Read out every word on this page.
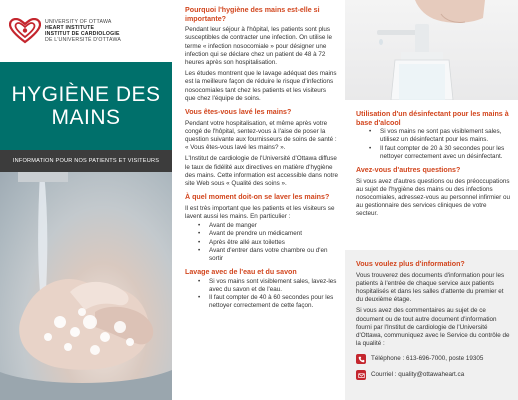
UNIVERSITY OF OTTAWA
HEART INSTITUTE
INSTITUT DE CARDIOLOGIE
DE L'UNIVERSITÉ D'OTTAWA
HYGIÈNE DES
MAINS
INFORMATION POUR NOS PATIENTS ET VISITEURS
Pourquoi l'hygiène des mains est-elle si importante?

Pendant leur séjour à l'hôpital, les patients sont plus susceptibles de contracter une infection. On utilise le terme « infection nosocomiale » pour désigner une infection qui se déclare chez un patient de 48 à 72 heures après son hospitalisation.

Les études montrent que le lavage adéquat des mains est la meilleure façon de réduire le risque d'infections nosocomiales tant chez les patients et les visiteurs que chez l'équipe de soins.

Vous êtes-vous lavé les mains?

Pendant votre hospitalisation, et même après votre congé de l'hôpital, sentez-vous à l'aise de poser la question suivante aux fournisseurs de soins de santé : « Vous êtes-vous lavé les mains? ».

L'Institut de cardiologie de l'Université d'Ottawa diffuse le taux de fidélité aux directives en matière d'hygiène des mains. Cette information est accessible dans notre site Web sous « Qualité des soins ».

À quel moment doit-on se laver les mains?

Il est très important que les patients et les visiteurs se lavent aussi les mains. En particulier :

• Avant de manger
• Avant de prendre un médicament
• Après être allé aux toilettes
• Avant d'entrer dans votre chambre ou d'en sortir
Lavage avec de l'eau et du savon
• Si vos mains sont visiblement sales, lavez-les avec du savon et de l'eau.
• Il faut compter de 40 à 60 secondes pour les nettoyer correctement de cette façon.
Utilisation d'un désinfectant pour les mains à base d'alcool
• Si vos mains ne sont pas visiblement sales, utilisez un désinfectant pour les mains.
• Il faut compter de 20 à 30 secondes pour les nettoyer correctement avec un désinfectant.
Avez-vous d'autres questions?

Si vous avez d'autres questions ou des préoccupations au sujet de l'hygiène des mains ou des infections nosocomiales, adressez-vous au personnel infirmier ou au gestionnaire des services cliniques de votre secteur.

Vous voulez plus d'information?

Vous trouverez des documents d'information pour les patients à l'entrée de chaque service aux patients hospitalisés et dans les salles d'attente du premier et du deuxième étage.

Si vous avez des commentaires au sujet de ce document ou de tout autre document d'information fourni par l'Institut de cardiologie de l'Université d'Ottawa, communiquez avec le Service du contrôle de la qualité :

Téléphone : 613-696-7000, poste 19305
Courriel : quality@ottawaheart.ca
